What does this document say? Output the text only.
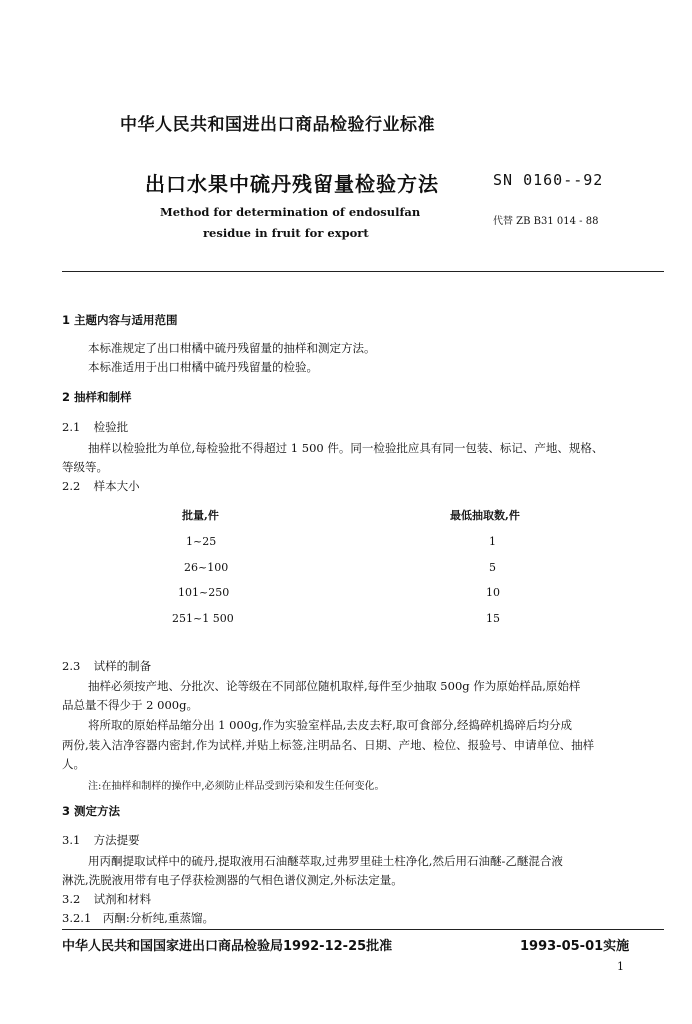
中华人民共和国进出口商品检验行业标准
出口水果中硫丹残留量检验方法	SN 0160--92
Method for determination of endosulfan
residue in fruit for export
代替 ZB B31 014 - 88
1 主题内容与适用范围
本标准规定了出口柑橘中硫丹残留量的抽样和测定方法。
本标准适用于出口柑橘中硫丹残留量的检验。
2 抽样和制样
2.1 检验批
抽样以检验批为单位,每检验批不得超过 1 500 件。同一检验批应具有同一包装、标记、产地、规格、
等级等。
2.2 样本大小
批量,件	最低抽取数,件
1~25	1
26~100	5
101~250	10
251~1 500	15
2.3 试样的制备
抽样必须按产地、分批次、论等级在不同部位随机取样,每件至少抽取 500g 作为原始样品,原始样
品总量不得少于 2 000g。
将所取的原始样品缩分出 1 000g,作为实验室样品,去皮去籽,取可食部分,经捣碎机捣碎后均分成
两份,装入洁净容器内密封,作为试样,并贴上标签,注明品名、日期、产地、检位、报验号、申请单位、抽样
人。
注:在抽样和制样的操作中,必须防止样品受到污染和发生任何变化。
3 测定方法
3.1 方法提要
用丙酮提取试样中的硫丹,提取液用石油醚萃取,过弗罗里硅土柱净化,然后用石油醚-乙醚混合液
淋洗,洗脱液用带有电子俘获检测器的气相色谱仪测定,外标法定量。
3.2 试剂和材料
3.2.1 丙酮:分析纯,重蒸馏。
中华人民共和国国家进出口商品检验局1992-12-25批准	1993-05-01实施
1
